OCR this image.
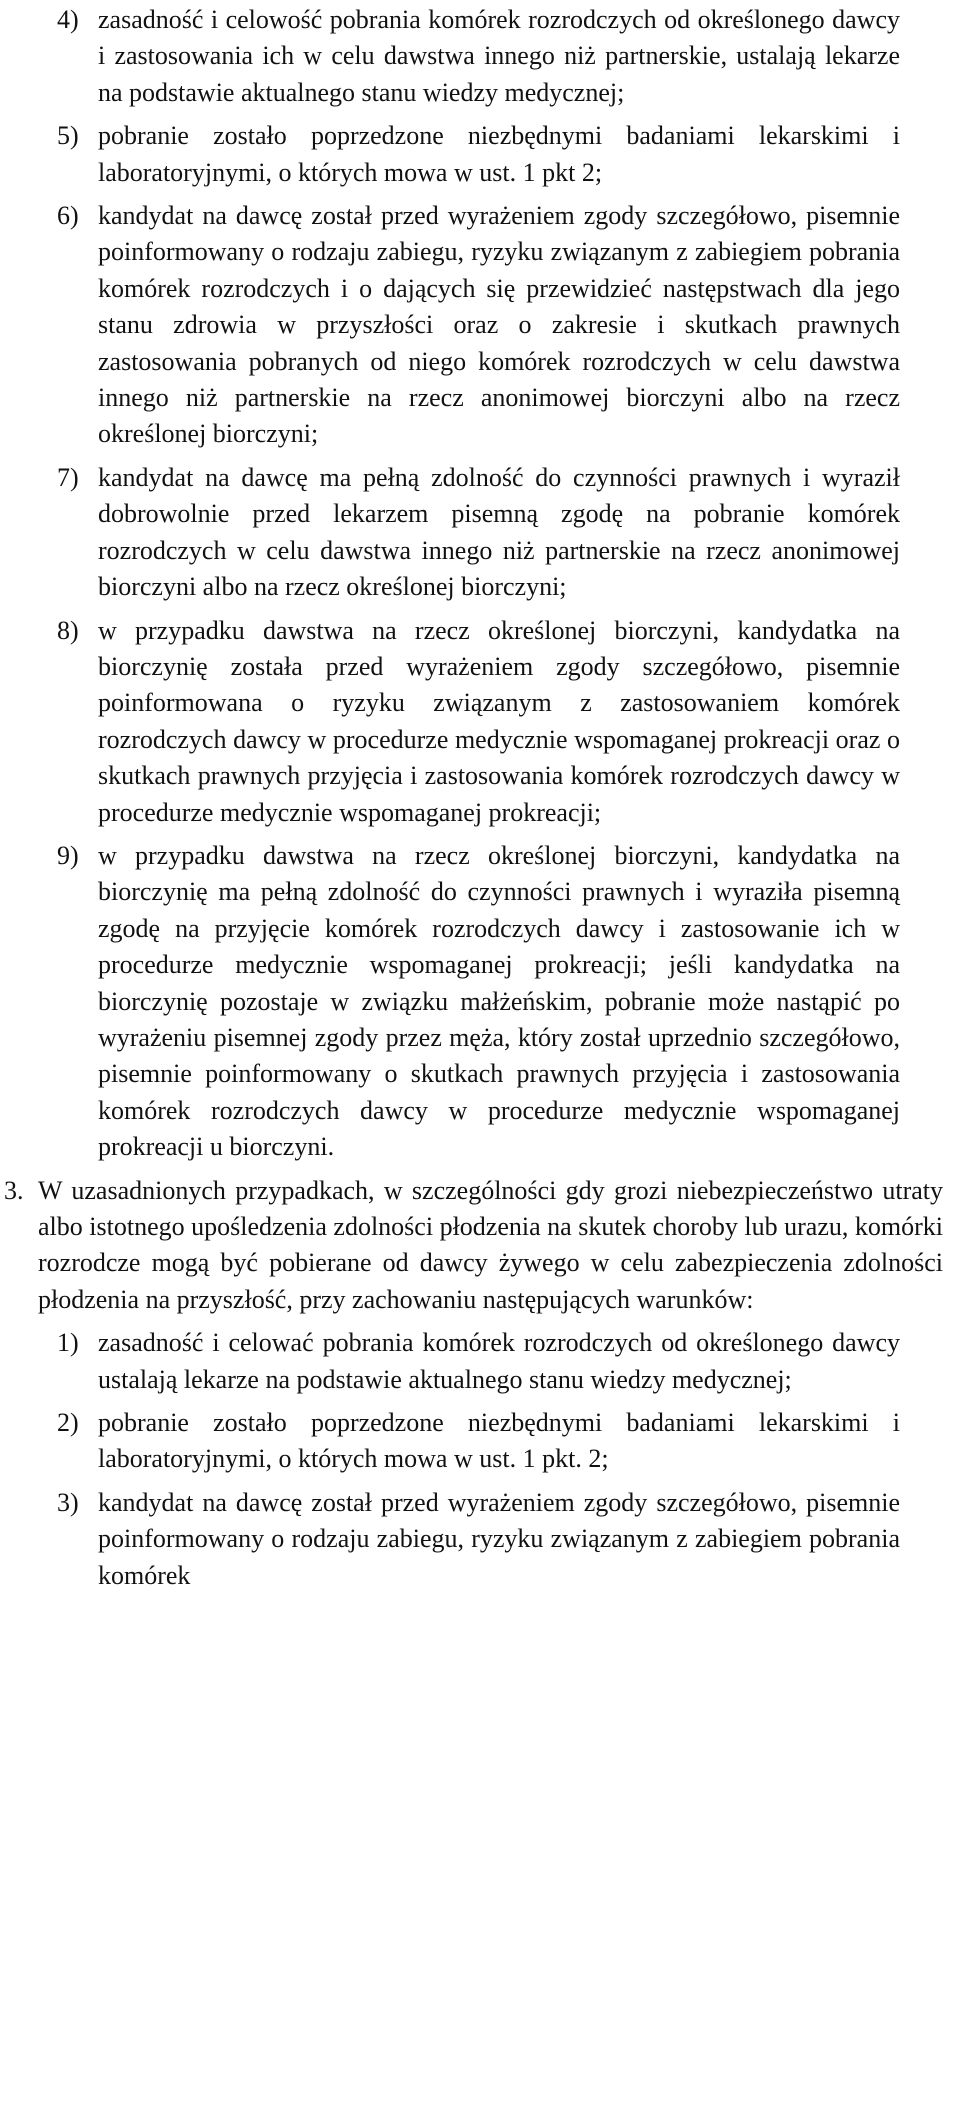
4) zasadność i celowość pobrania komórek rozrodczych od określonego dawcy i zastosowania ich w celu dawstwa innego niż partnerskie, ustalają lekarze na podstawie aktualnego stanu wiedzy medycznej;
5) pobranie zostało poprzedzone niezbędnymi badaniami lekarskimi i laboratoryjnymi, o których mowa w ust. 1 pkt 2;
6) kandydat na dawcę został przed wyrażeniem zgody szczegółowo, pisemnie poinformowany o rodzaju zabiegu, ryzyku związanym z zabiegiem pobrania komórek rozrodczych i o dających się przewidzieć następstwach dla jego stanu zdrowia w przyszłości oraz o zakresie i skutkach prawnych zastosowania pobranych od niego komórek rozrodczych w celu dawstwa innego niż partnerskie na rzecz anonimowej biorczyni albo na rzecz określonej biorczyni;
7) kandydat na dawcę ma pełną zdolność do czynności prawnych i wyraził dobrowolnie przed lekarzem pisemną zgodę na pobranie komórek rozrodczych w celu dawstwa innego niż partnerskie na rzecz anonimowej biorczyni albo na rzecz określonej biorczyni;
8) w przypadku dawstwa na rzecz określonej biorczyni, kandydatka na biorczynię została przed wyrażeniem zgody szczegółowo, pisemnie poinformowana o ryzyku związanym z zastosowaniem komórek rozrodczych dawcy w procedurze medycznie wspomaganej prokreacji oraz o skutkach prawnych przyjęcia i zastosowania komórek rozrodczych dawcy w procedurze medycznie wspomaganej prokreacji;
9) w przypadku dawstwa na rzecz określonej biorczyni, kandydatka na biorczynię ma pełną zdolność do czynności prawnych i wyraziła pisemną zgodę na przyjęcie komórek rozrodczych dawcy i zastosowanie ich w procedurze medycznie wspomaganej prokreacji; jeśli kandydatka na biorczynię pozostaje w związku małżeńskim, pobranie może nastąpić po wyrażeniu pisemnej zgody przez męża, który został uprzednio szczegółowo, pisemnie poinformowany o skutkach prawnych przyjęcia i zastosowania komórek rozrodczych dawcy w procedurze medycznie wspomaganej prokreacji u biorczyni.
3. W uzasadnionych przypadkach, w szczególności gdy grozi niebezpieczeństwo utraty albo istotnego upośledzenia zdolności płodzenia na skutek choroby lub urazu, komórki rozrodcze mogą być pobierane od dawcy żywego w celu zabezpieczenia zdolności płodzenia na przyszłość, przy zachowaniu następujących warunków:
1) zasadność i celować pobrania komórek rozrodczych od określonego dawcy ustalają lekarze na podstawie aktualnego stanu wiedzy medycznej;
2) pobranie zostało poprzedzone niezbędnymi badaniami lekarskimi i laboratoryjnymi, o których mowa w ust. 1 pkt. 2;
3) kandydat na dawcę został przed wyrażeniem zgody szczegółowo, pisemnie poinformowany o rodzaju zabiegu, ryzyku związanym z zabiegiem pobrania komórek
